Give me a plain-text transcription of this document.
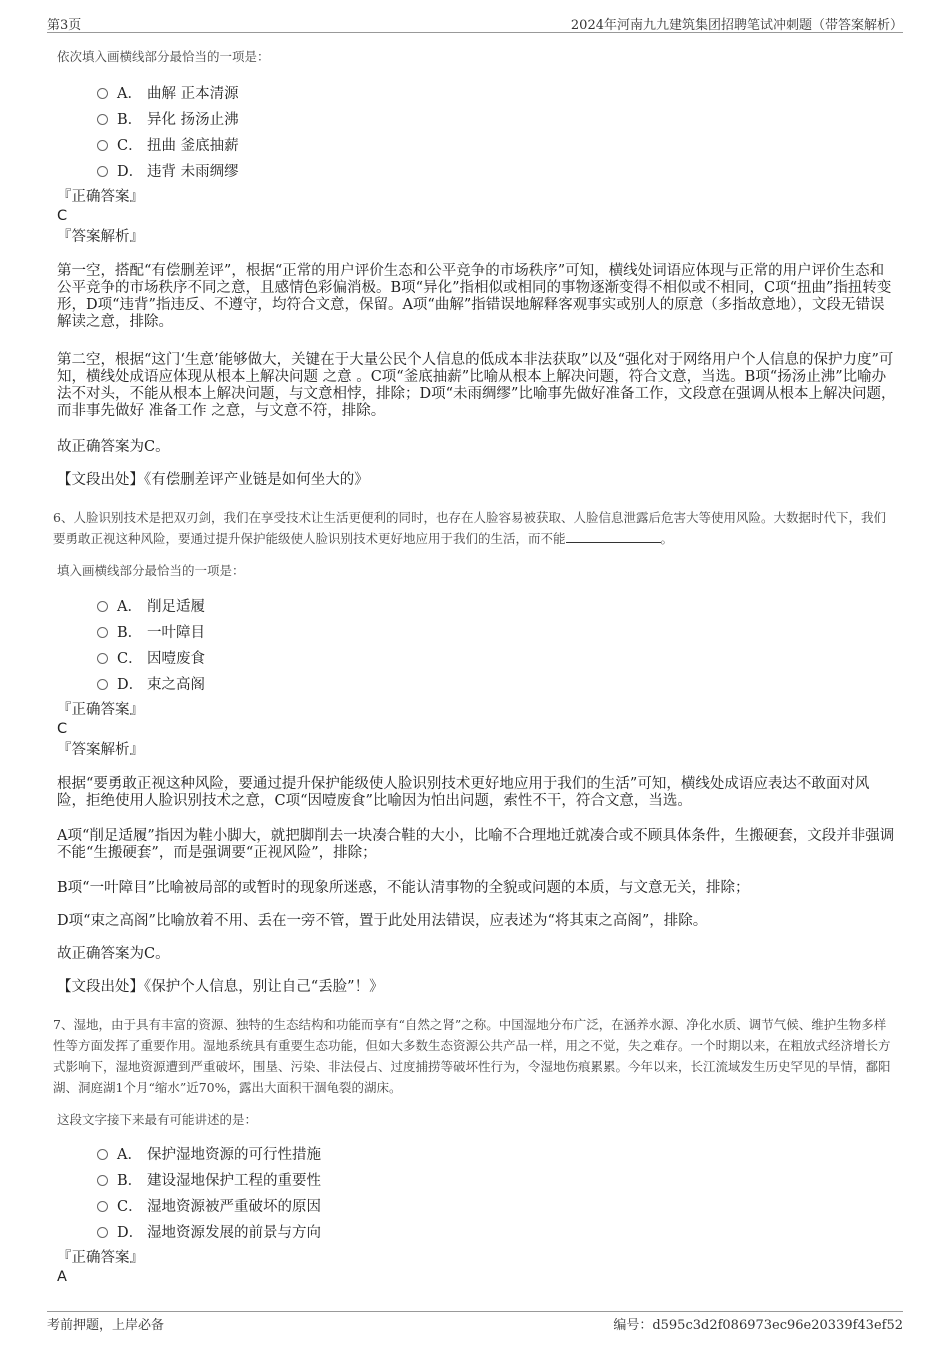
第3页	2024年河南九九建筑集团招聘笔试冲刺题（带答案解析）
依次填入画横线部分最恰当的一项是：
A． 曲解 正本清源
B． 异化 扬汤止沸
C． 扭曲 釜底抽薪
D． 违背 未雨绸缪
『正确答案』
C
『答案解析』
第一空，搭配“有偿删差评”，根据“正常的用户评价生态和公平竞争的市场秩序”可知，横线处词语应体现与正常的用户评价生态和公平竞争的市场秩序不同之意，且感情色彩偏消极。B项“异化”指相似或相同的事物逐渐变得不相似或不相同，C项“扭曲”指扭转变形，D项“违背”指违反、不遵守，均符合文意，保留。A项“曲解”指错误地解释客观事实或别人的原意（多指故意地），文段无错误解读之意，排除。
第二空，根据“这门‘生意’能够做大，关键在于大量公民个人信息的低成本非法获取”以及“强化对于网络用户个人信息的保护力度”可知，横线处成语应体现从根本上解决问题 之意 。C项“釜底抽薪”比喻从根本上解决问题，符合文意，当选。B项“扬汤止沸”比喻办法不对头，不能从根本上解决问题，与文意相悖，排除；D项“未雨绸缪”比喻事先做好准备工作，文段意在强调从根本上解决问题，而非事先做好 准备工作 之意，与文意不符，排除。
故正确答案为C。
【文段出处】《有偿删差评产业链是如何坐大的》
6、人脸识别技术是把双刃剑，我们在享受技术让生活更便利的同时，也存在人脸容易被获取、人脸信息泄露后危害大等使用风险。大数据时代下，我们要勇敢正视这种风险，要通过提升保护能级使人脸识别技术更好地应用于我们的生活，而不能	。
填入画横线部分最恰当的一项是：
A． 削足适履
B． 一叶障目
C． 因噎废食
D． 束之高阁
『正确答案』
C
『答案解析』
根据“要勇敢正视这种风险，要通过提升保护能级使人脸识别技术更好地应用于我们的生活”可知，横线处成语应表达不敢面对风险，拒绝使用人脸识别技术之意，C项“因噎废食”比喻因为怕出问题，索性不干，符合文意，当选。
A项“削足适履”指因为鞋小脚大，就把脚削去一块凑合鞋的大小，比喻不合理地迁就凑合或不顾具体条件，生搬硬套，文段并非强调不能“生搬硬套”，而是强调要“正视风险”，排除；
B项“一叶障目”比喻被局部的或暂时的现象所迷惑，不能认清事物的全貌或问题的本质，与文意无关，排除；
D项“束之高阁”比喻放着不用、丢在一旁不管，置于此处用法错误，应表述为“将其束之高阁”，排除。
故正确答案为C。
【文段出处】《保护个人信息，别让自己“丢脸”！》
7、湿地，由于具有丰富的资源、独特的生态结构和功能而享有“自然之肾”之称。中国湿地分布广泛，在涵养水源、净化水质、调节气候、维护生物多样性等方面发挥了重要作用。湿地系统具有重要生态功能，但如大多数生态资源公共产品一样，用之不觉，失之难存。一个时期以来，在粗放式经济增长方式影响下，湿地资源遭到严重破坏，围垦、污染、非法侵占、过度捕捞等破坏性行为，令湿地伤痕累累。今年以来，长江流域发生历史罕见的旱情，鄱阳湖、洞庭湖1个月“缩水”近70%，露出大面积干涸龟裂的湖床。
这段文字接下来最有可能讲述的是：
A． 保护湿地资源的可行性措施
B． 建设湿地保护工程的重要性
C． 湿地资源被严重破坏的原因
D． 湿地资源发展的前景与方向
『正确答案』
A
考前押题，上岸必备	编号：d595c3d2f086973ec96e20339f43ef52
